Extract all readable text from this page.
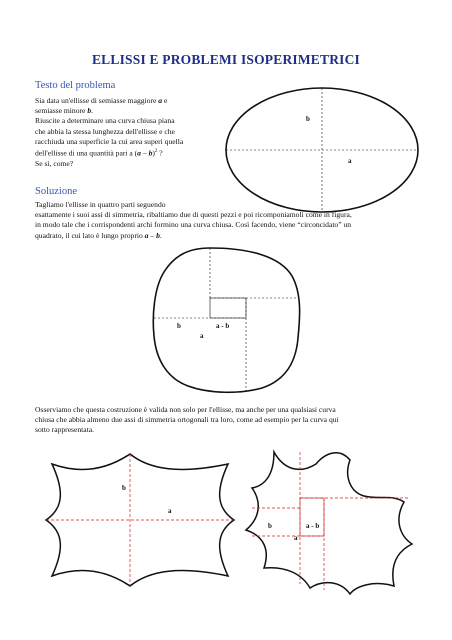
ELLISSI E PROBLEMI ISOPERIMETRICI
Testo del problema
Sia data un'ellisse di semiasse maggiore a e
semiasse minore b.
Riuscite a determinare una curva chiusa piana
che abbia la stessa lunghezza dell'ellisse e che
racchiuda una superficie la cui area superi quella
dell'ellisse di una quantità pari a (a – b)$^2$ ?
Se sì, come?
b
a
Soluzione
Tagliamo l'ellisse in quattro parti seguendo
esattamente i suoi assi di simmetria, ribaltiamo due di questi pezzi e poi ricomponiamoli come in figura,
in modo tale che i corrispondenti archi formino una curva chiusa. Così facendo, viene “circoncidato” un
quadrato, il cui lato è lungo proprio a – b.
b	a - b
a
Osserviamo che questa costruzione è valida non solo per l'ellisse, ma anche per una qualsiasi curva
chiusa che abbia almeno due assi di simmetria ortogonali tra loro, come ad esempio per la curva qui
sotto rappresentata.
b
a
b	a - b
a
